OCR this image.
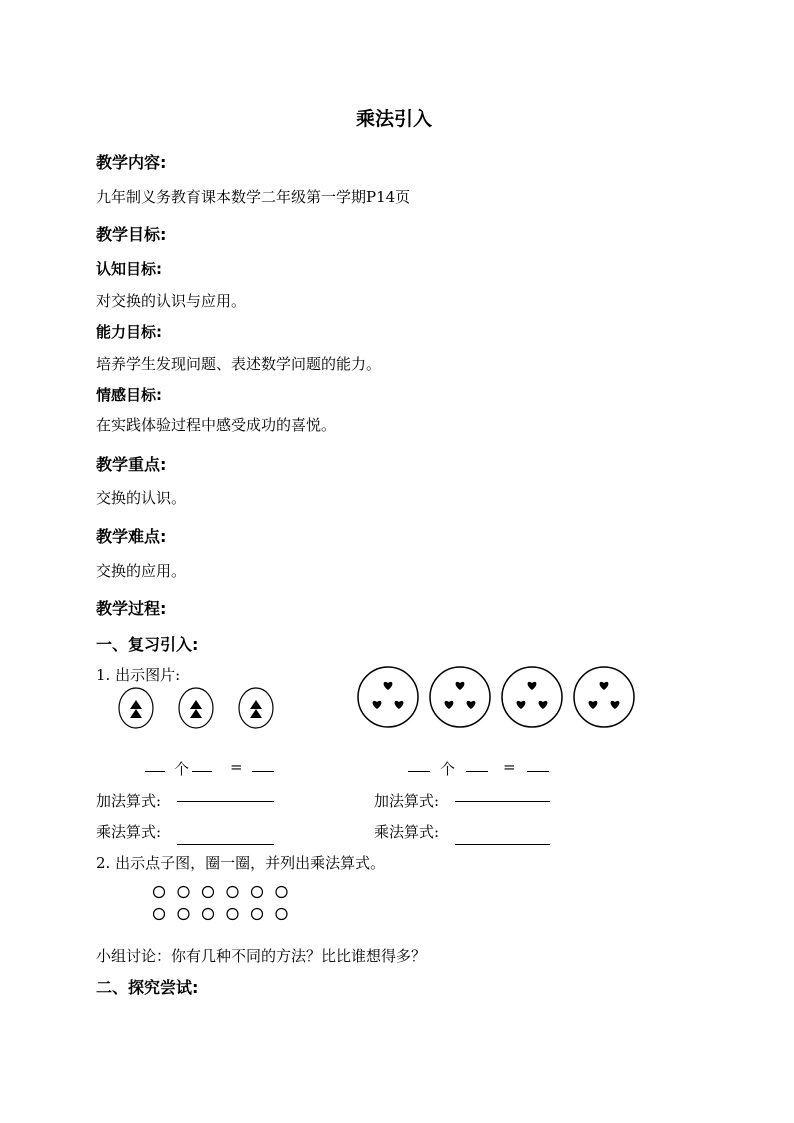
乘法引入
教学内容:
九年制义务教育课本数学二年级第一学期P14页
教学目标:
认知目标:
对交换的认识与应用。
能力目标:
培养学生发现问题、表述数学问题的能力。
情感目标:
在实践体验过程中感受成功的喜悦。
教学重点:
交换的认识。
教学难点:
交换的应用。
教学过程:
一、复习引入:
1. 出示图片:
个	=	个	=
加法算式:	加法算式:
乘法算式:	乘法算式:
2. 出示点子图，圈一圈，并列出乘法算式。
小组讨论：你有几种不同的方法？比比谁想得多？
二、探究尝试:
